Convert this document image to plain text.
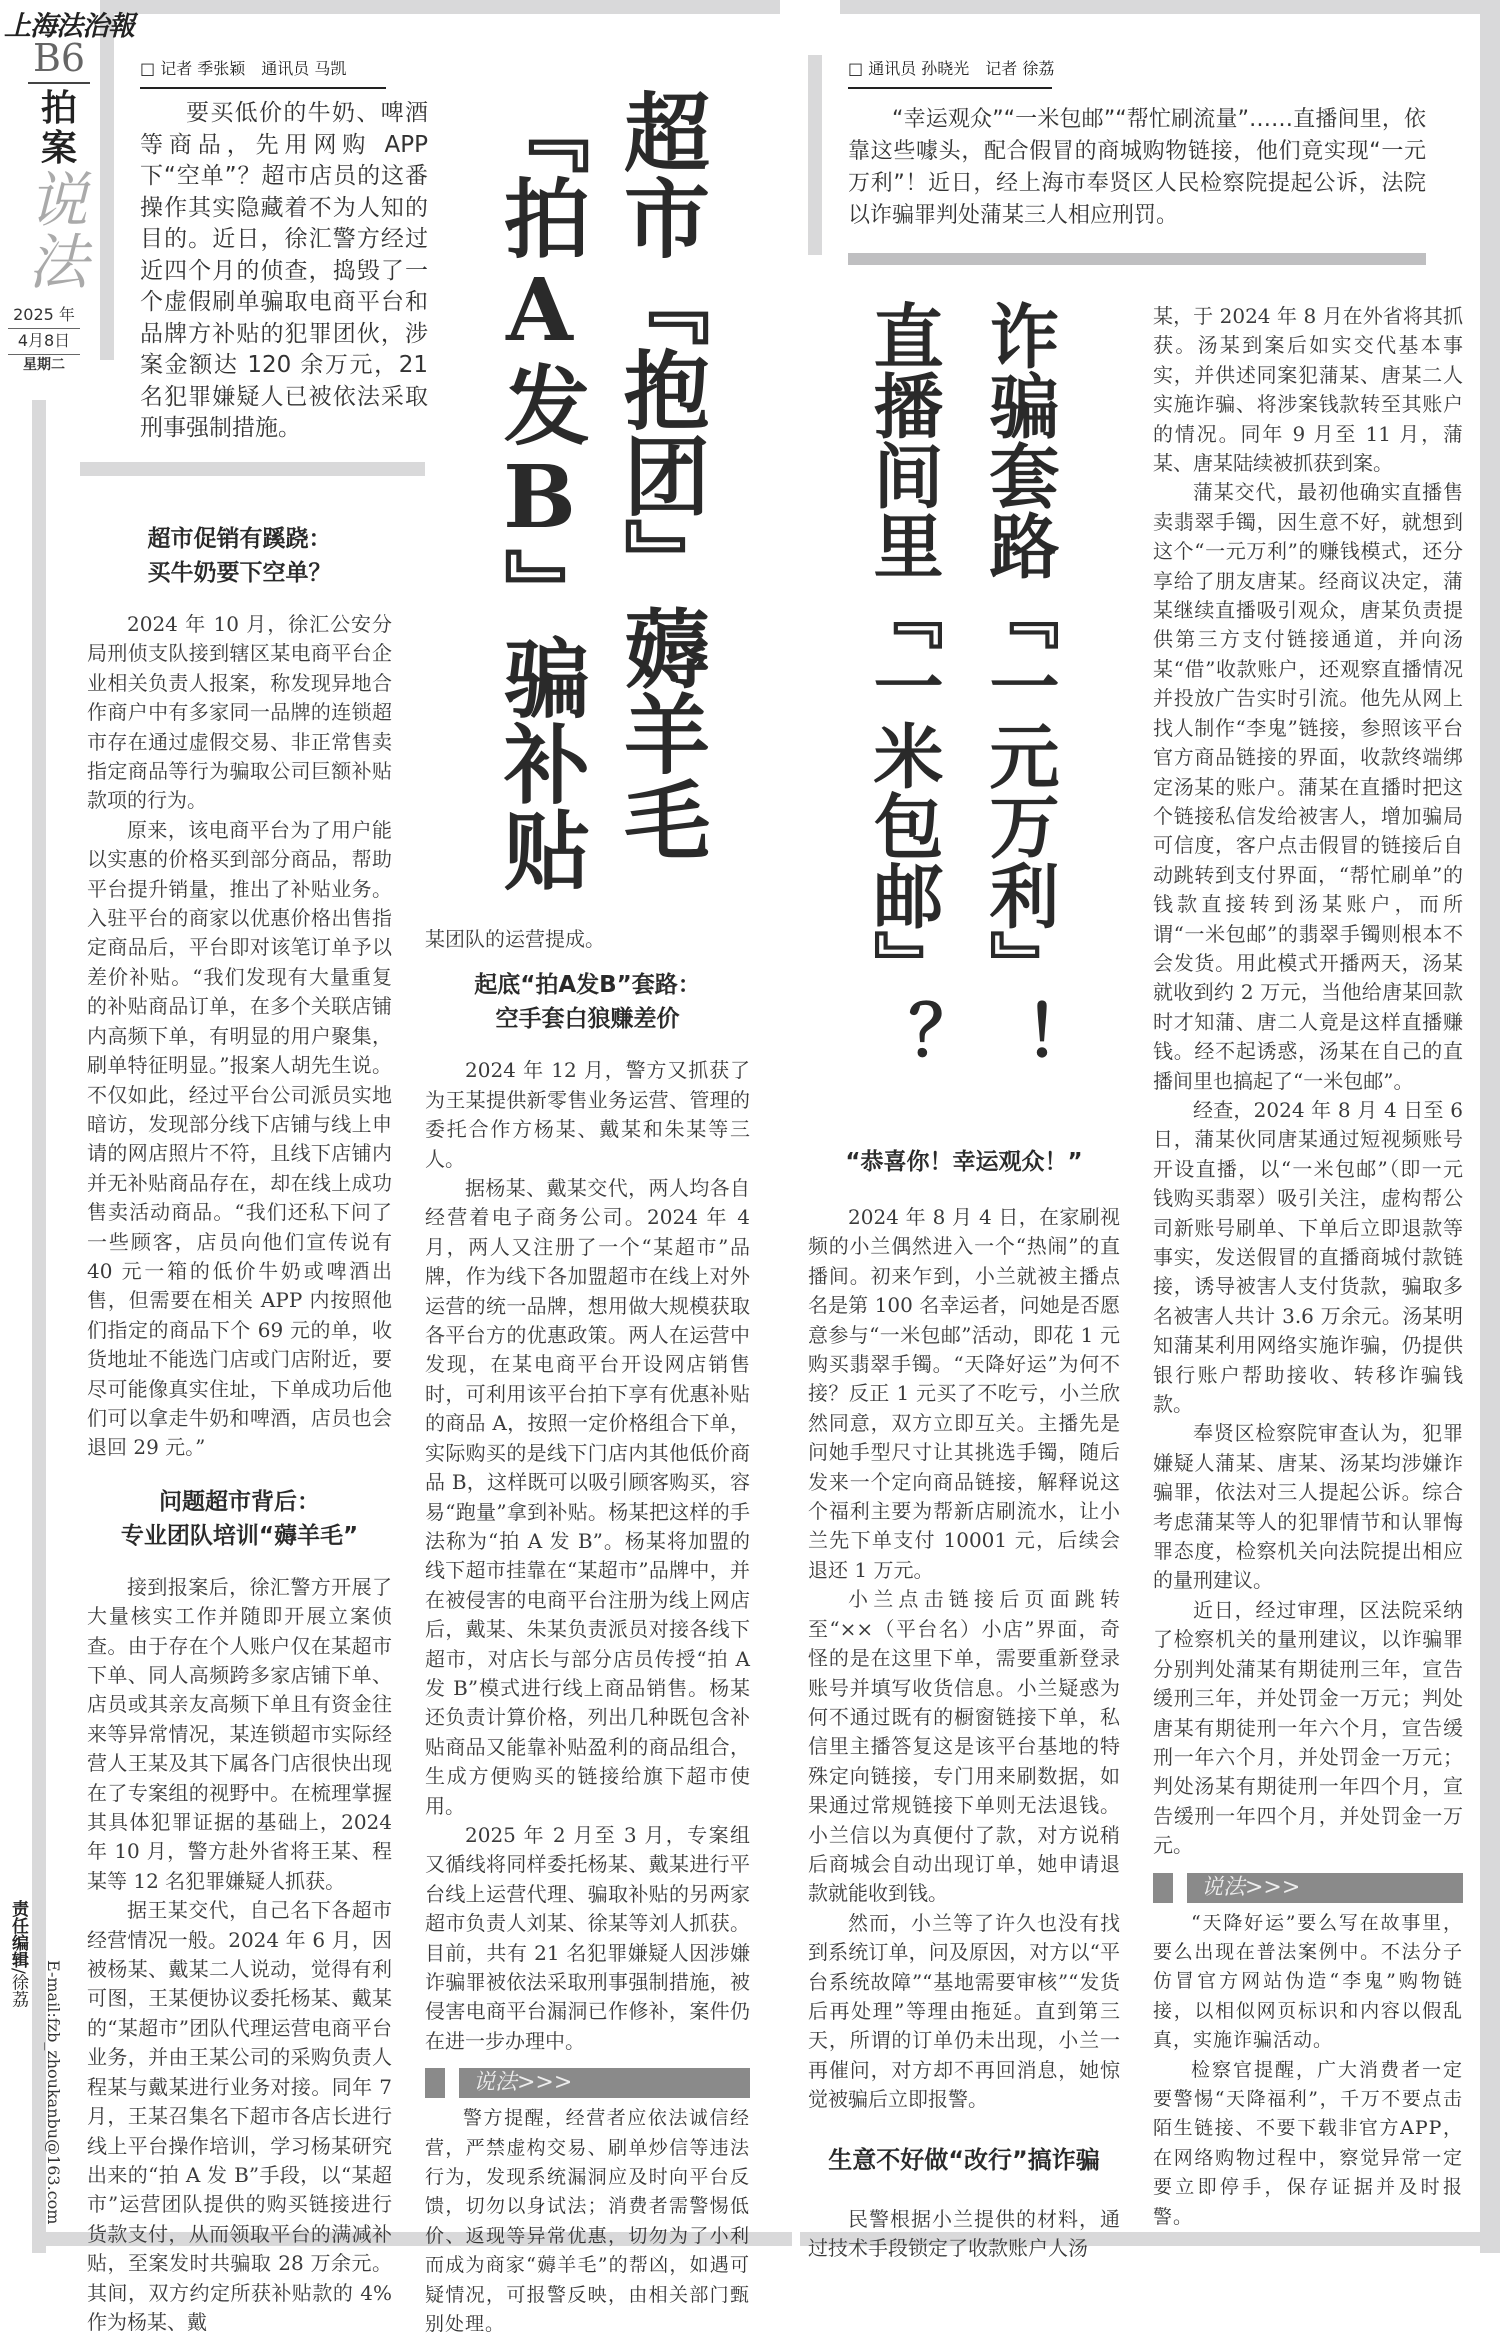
上海法治報
B6
拍案
说法
2025 年
4月8日
星期二
责任编辑/徐荔 E-mail:fzb_zhoukanbu@163.com
□ 记者 季张颖　通讯员 马凯

要买低价的牛奶、啤酒等商品，先用网购 APP 下“空单”？超市店员的这番操作其实隐藏着不为人知的目的。近日，徐汇警方经过近四个月的侦查，捣毁了一个虚假刷单骗取电商平台和品牌方补贴的犯罪团伙，涉案金额达 120 余万元，21 名犯罪嫌疑人已被依法采取刑事强制措施。	超市『抱团』薅羊毛
『拍A发B』骗补贴
超市促销有蹊跷：
买牛奶要下空单？

2024 年 10 月，徐汇公安分局刑侦支队接到辖区某电商平台企业相关负责人报案，称发现异地合作商户中有多家同一品牌的连锁超市存在通过虚假交易、非正常售卖指定商品等行为骗取公司巨额补贴款项的行为。

原来，该电商平台为了用户能以实惠的价格买到部分商品，帮助平台提升销量，推出了补贴业务。入驻平台的商家以优惠价格出售指定商品后，平台即对该笔订单予以差价补贴。“我们发现有大量重复的补贴商品订单，在多个关联店铺内高频下单，有明显的用户聚集，刷单特征明显。”报案人胡先生说。不仅如此，经过平台公司派员实地暗访，发现部分线下店铺与线上申请的网店照片不符，且线下店铺内并无补贴商品存在，却在线上成功售卖活动商品。“我们还私下问了一些顾客，店员向他们宣传说有 40 元一箱的低价牛奶或啤酒出售，但需要在相关 APP 内按照他们指定的商品下个 69 元的单，收货地址不能选门店或门店附近，要尽可能像真实住址，下单成功后他们可以拿走牛奶和啤酒，店员也会退回 29 元。”

问题超市背后：
专业团队培训“薅羊毛”

接到报案后，徐汇警方开展了大量核实工作并随即开展立案侦查。由于存在个人账户仅在某超市下单、同人高频跨多家店铺下单、店员或其亲友高频下单且有资金往来等异常情况，某连锁超市实际经营人王某及其下属各门店很快出现在了专案组的视野中。在梳理掌握其具体犯罪证据的基础上，2024 年 10 月，警方赴外省将王某、程某等 12 名犯罪嫌疑人抓获。

据王某交代，自己名下各超市经营情况一般。2024 年 6 月，因被杨某、戴某二人说动，觉得有利可图，王某便协议委托杨某、戴某的“某超市”团队代理运营电商平台业务，并由王某公司的采购负责人程某与戴某进行业务对接。同年 7 月，王某召集名下超市各店长进行线上平台操作培训，学习杨某研究出来的“拍 A 发 B”手段，以“某超市”运营团队提供的购买链接进行货款支付，从而领取平台的满减补贴，至案发时共骗取 28 万余元。其间，双方约定所获补贴款的 4%作为杨某、戴

某团队的运营提成。

起底“拍A发B”套路：
空手套白狼赚差价

2024 年 12 月，警方又抓获了为王某提供新零售业务运营、管理的委托合作方杨某、戴某和朱某等三人。

据杨某、戴某交代，两人均各自经营着电子商务公司。2024 年 4 月，两人又注册了一个“某超市”品牌，作为线下各加盟超市在线上对外运营的统一品牌，想用做大规模获取各平台方的优惠政策。两人在运营中发现，在某电商平台开设网店销售时，可利用该平台拍下享有优惠补贴的商品 A，按照一定价格组合下单，实际购买的是线下门店内其他低价商品 B，这样既可以吸引顾客购买，容易“跑量”拿到补贴。杨某把这样的手法称为“拍 A 发 B”。杨某将加盟的线下超市挂靠在“某超市”品牌中，并在被侵害的电商平台注册为线上网店后，戴某、朱某负责派员对接各线下超市，对店长与部分店员传授“拍 A 发 B”模式进行线上商品销售。杨某还负责计算价格，列出几种既包含补贴商品又能靠补贴盈利的商品组合，生成方便购买的链接给旗下超市使用。

2025 年 2 月至 3 月，专案组又循线将同样委托杨某、戴某进行平台线上运营代理、骗取补贴的另两家超市负责人刘某、徐某等刘人抓获。目前，共有 21 名犯罪嫌疑人因涉嫌诈骗罪被依法采取刑事强制措施，被侵害电商平台漏洞已作修补，案件仍在进一步办理中。

说法>>>

警方提醒，经营者应依法诚信经营，严禁虚构交易、刷单炒信等违法行为，发现系统漏洞应及时向平台反馈，切勿以身试法；消费者需警惕低价、返现等异常优惠，切勿为了小利而成为商家“薅羊毛”的帮凶，如遇可疑情况，可报警反映，由相关部门甄别处理。

□ 通讯员 孙晓光　记者 徐荔

“幸运观众”“一米包邮”“帮忙刷流量”……直播间里，依靠这些噱头，配合假冒的商城购物链接，他们竟实现“一元万利”！近日，经上海市奉贤区人民检察院提起公诉，法院以诈骗罪判处蒲某三人相应刑罚。

诈骗套路『一元万利』！
直播间里『一米包邮』？
“恭喜你！幸运观众！”

2024 年 8 月 4 日，在家刷视频的小兰偶然进入一个“热闹”的直播间。初来乍到，小兰就被主播点名是第 100 名幸运者，问她是否愿意参与“一米包邮”活动，即花 1 元购买翡翠手镯。“天降好运”为何不接？反正 1 元买了不吃亏，小兰欣然同意，双方立即互关。主播先是问她手型尺寸让其挑选手镯，随后发来一个定向商品链接，解释说这个福利主要为帮新店刷流水，让小兰先下单支付 10001 元，后续会退还 1 万元。

小兰点击链接后页面跳转至“××（平台名）小店”界面，奇怪的是在这里下单，需要重新登录账号并填写收货信息。小兰疑惑为何不通过既有的橱窗链接下单，私信里主播答复这是该平台基地的特殊定向链接，专门用来刷数据，如果通过常规链接下单则无法退钱。小兰信以为真便付了款，对方说稍后商城会自动出现订单，她申请退款就能收到钱。

然而，小兰等了许久也没有找到系统订单，问及原因，对方以“平台系统故障”“基地需要审核”“发货后再处理”等理由拖延。直到第三天，所谓的订单仍未出现，小兰一再催问，对方却不再回消息，她惊觉被骗后立即报警。

生意不好做“改行”搞诈骗

民警根据小兰提供的材料，通过技术手段锁定了收款账户人汤

某，于 2024 年 8 月在外省将其抓获。汤某到案后如实交代基本事实，并供述同案犯蒲某、唐某二人实施诈骗、将涉案钱款转至其账户的情况。同年 9 月至 11 月，蒲某、唐某陆续被抓获到案。

蒲某交代，最初他确实直播售卖翡翠手镯，因生意不好，就想到这个“一元万利”的赚钱模式，还分享给了朋友唐某。经商议决定，蒲某继续直播吸引观众，唐某负责提供第三方支付链接通道，并向汤某“借”收款账户，还观察直播情况并投放广告实时引流。他先从网上找人制作“李鬼”链接，参照该平台官方商品链接的界面，收款终端绑定汤某的账户。蒲某在直播时把这个链接私信发给被害人，增加骗局可信度，客户点击假冒的链接后自动跳转到支付界面，“帮忙刷单”的钱款直接转到汤某账户，而所谓“一米包邮”的翡翠手镯则根本不会发货。用此模式开播两天，汤某就收到约 2 万元，当他给唐某回款时才知蒲、唐二人竟是这样直播赚钱。经不起诱惑，汤某在自己的直播间里也搞起了“一米包邮”。

经查，2024 年 8 月 4 日至 6 日，蒲某伙同唐某通过短视频账号开设直播，以“一米包邮”（即一元钱购买翡翠）吸引关注，虚构帮公司新账号刷单、下单后立即退款等事实，发送假冒的直播商城付款链接，诱导被害人支付货款，骗取多名被害人共计 3.6 万余元。汤某明知蒲某利用网络实施诈骗，仍提供银行账户帮助接收、转移诈骗钱款。

奉贤区检察院审查认为，犯罪嫌疑人蒲某、唐某、汤某均涉嫌诈骗罪，依法对三人提起公诉。综合考虑蒲某等人的犯罪情节和认罪悔罪态度，检察机关向法院提出相应的量刑建议。

近日，经过审理，区法院采纳了检察机关的量刑建议，以诈骗罪分别判处蒲某有期徒刑三年，宣告缓刑三年，并处罚金一万元；判处唐某有期徒刑一年六个月，宣告缓刑一年六个月，并处罚金一万元；判处汤某有期徒刑一年四个月，宣告缓刑一年四个月，并处罚金一万元。

说法>>>

“天降好运”要么写在故事里，要么出现在普法案例中。不法分子仿冒官方网站伪造“李鬼”购物链接，以相似网页标识和内容以假乱真，实施诈骗活动。

检察官提醒，广大消费者一定要警惕“天降福利”，千万不要点击陌生链接、不要下载非官方APP，在网络购物过程中，察觉异常一定要立即停手，保存证据并及时报警。
